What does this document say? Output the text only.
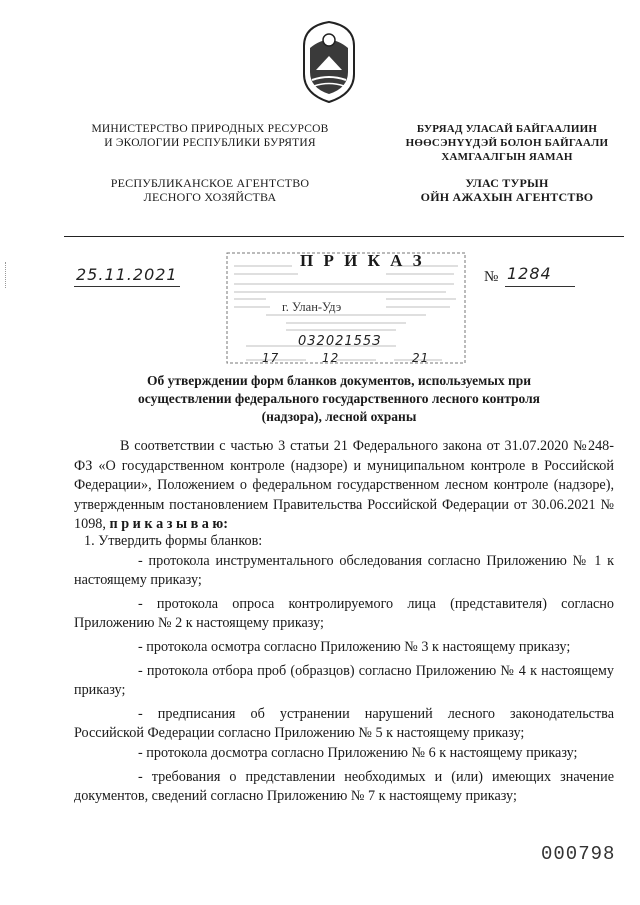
МИНИСТЕРСТВО ПРИРОДНЫХ РЕСУРСОВ
И ЭКОЛОГИИ РЕСПУБЛИКИ БУРЯТИЯ
БУРЯАД УЛАСАЙ БАЙГААЛИИН
НӨӨСЭНҮҮДЭЙ БОЛОН БАЙГААЛИ
ХАМГААЛГЫН ЯАМАН
РЕСПУБЛИКАНСКОЕ АГЕНТСТВО
ЛЕСНОГО ХОЗЯЙСТВА
УЛАС ТУРЫН
ОЙН АЖАХЫН АГЕНТСТВО
25.11.2021	№ 1284
П Р И К А З
г. Улан-Удэ
03202155З
17	12	21
Об утверждении форм бланков документов, используемых при осуществлении федерального государственного лесного контроля (надзора), лесной охраны
В соответствии с частью 3 статьи 21 Федерального закона от 31.07.2020 №248-ФЗ «О государственном контроле (надзоре) и муниципальном контроле в Российской Федерации», Положением о федеральном государственном лесном контроле (надзоре), утвержденным постановлением Правительства Российской Федерации от 30.06.2021 № 1098, п р и к а з ы в а ю:
1. Утвердить формы бланков:
- протокола инструментального обследования согласно Приложению № 1 к настоящему приказу;
- протокола опроса контролируемого лица (представителя) согласно Приложению № 2 к настоящему приказу;
- протокола осмотра согласно Приложению № 3 к настоящему приказу;
- протокола отбора проб (образцов) согласно Приложению № 4 к настоящему приказу;
- предписания об устранении нарушений лесного законодательства Российской Федерации согласно Приложению № 5 к настоящему приказу;
- протокола досмотра согласно Приложению № 6 к настоящему приказу;
- требования о представлении необходимых и (или) имеющих значение документов, сведений согласно Приложению № 7 к настоящему приказу;
000798
